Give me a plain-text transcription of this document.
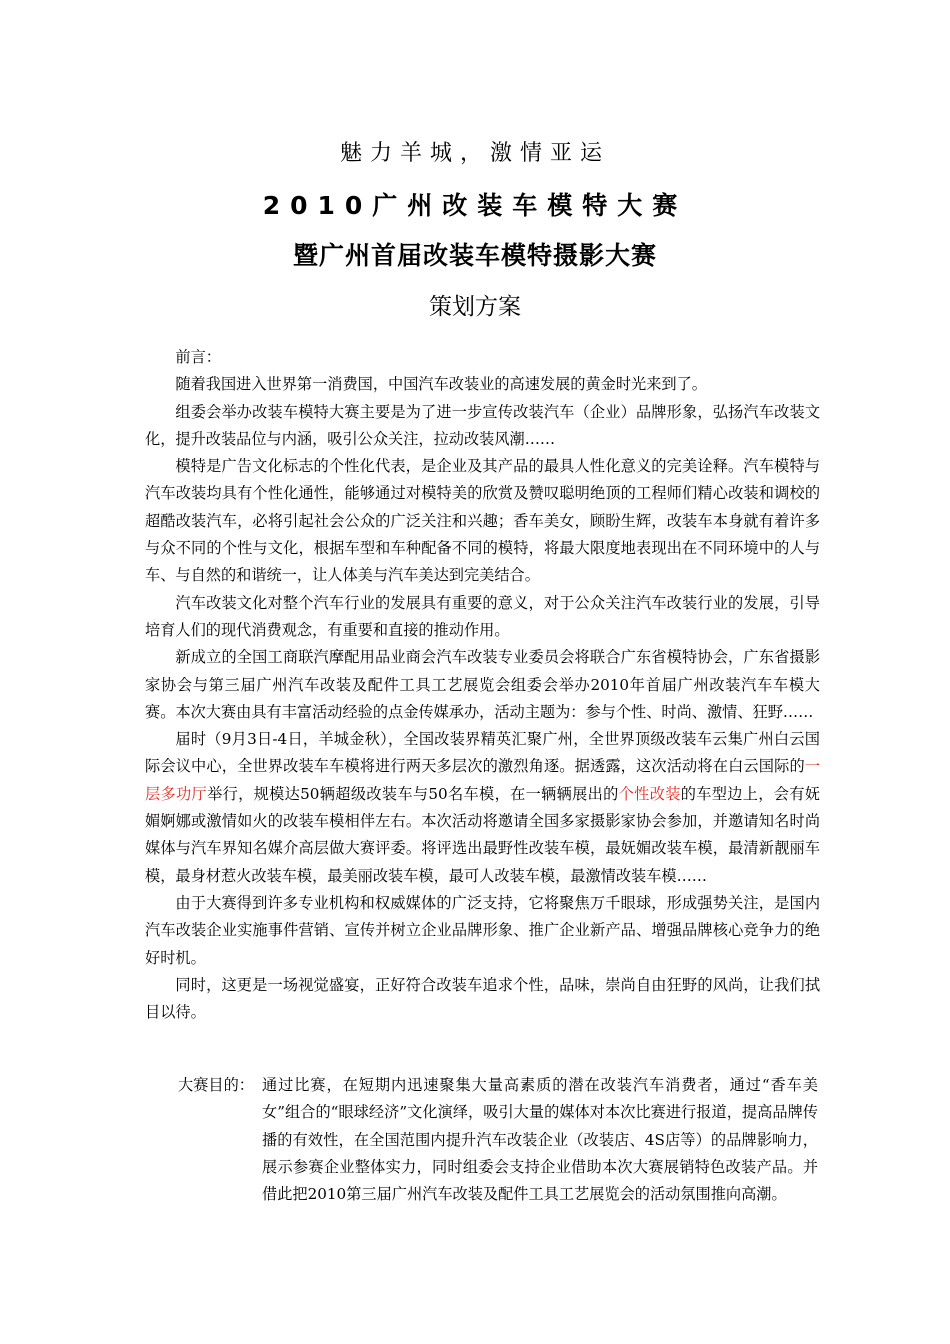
魅力羊城，激情亚运
2010广州改装车模特大赛
暨广州首届改装车模特摄影大赛
策划方案

前言：

随着我国进入世界第一消费国，中国汽车改装业的高速发展的黄金时光来到了。

组委会举办改装车模特大赛主要是为了进一步宣传改装汽车（企业）品牌形象，弘扬汽车改装文化，提升改装品位与内涵，吸引公众关注，拉动改装风潮……

模特是广告文化标志的个性化代表，是企业及其产品的最具人性化意义的完美诠释。汽车模特与汽车改装均具有个性化通性，能够通过对模特美的欣赏及赞叹聪明绝顶的工程师们精心改装和调校的超酷改装汽车，必将引起社会公众的广泛关注和兴趣；香车美女，顾盼生辉，改装车本身就有着许多与众不同的个性与文化，根据车型和车种配备不同的模特，将最大限度地表现出在不同环境中的人与车、与自然的和谐统一，让人体美与汽车美达到完美结合。

汽车改装文化对整个汽车行业的发展具有重要的意义，对于公众关注汽车改装行业的发展，引导培育人们的现代消费观念，有重要和直接的推动作用。

新成立的全国工商联汽摩配用品业商会汽车改装专业委员会将联合广东省模特协会，广东省摄影家协会与第三届广州汽车改装及配件工具工艺展览会组委会举办2010年首届广州改装汽车车模大赛。本次大赛由具有丰富活动经验的点金传媒承办，活动主题为：参与个性、时尚、激情、狂野……

届时（9月3日-4日，羊城金秋），全国改装界精英汇聚广州，全世界顶级改装车云集广州白云国际会议中心，全世界改装车车模将进行两天多层次的激烈角逐。据透露，这次活动将在白云国际的一层多功厅举行，规模达50辆超级改装车与50名车模，在一辆辆展出的个性改装的车型边上，会有妩媚婀娜或激情如火的改装车模相伴左右。本次活动将邀请全国多家摄影家协会参加，并邀请知名时尚媒体与汽车界知名媒介高层做大赛评委。将评选出最野性改装车模，最妩媚改装车模，最清新靓丽车模，最身材惹火改装车模，最美丽改装车模，最可人改装车模，最激情改装车模……

由于大赛得到许多专业机构和权威媒体的广泛支持，它将聚焦万千眼球，形成强势关注，是国内汽车改装企业实施事件营销、宣传并树立企业品牌形象、推广企业新产品、增强品牌核心竞争力的绝好时机。

同时，这更是一场视觉盛宴，正好符合改装车追求个性，品味，崇尚自由狂野的风尚，让我们拭目以待。

大赛目的： 通过比赛，在短期内迅速聚集大量高素质的潜在改装汽车消费者，通过“香车美女”组合的“眼球经济”文化演绎，吸引大量的媒体对本次比赛进行报道，提高品牌传播的有效性，在全国范围内提升汽车改装企业（改装店、4S店等）的品牌影响力，展示参赛企业整体实力，同时组委会支持企业借助本次大赛展销特色改装产品。并借此把2010第三届广州汽车改装及配件工具工艺展览会的活动氛围推向高潮。
